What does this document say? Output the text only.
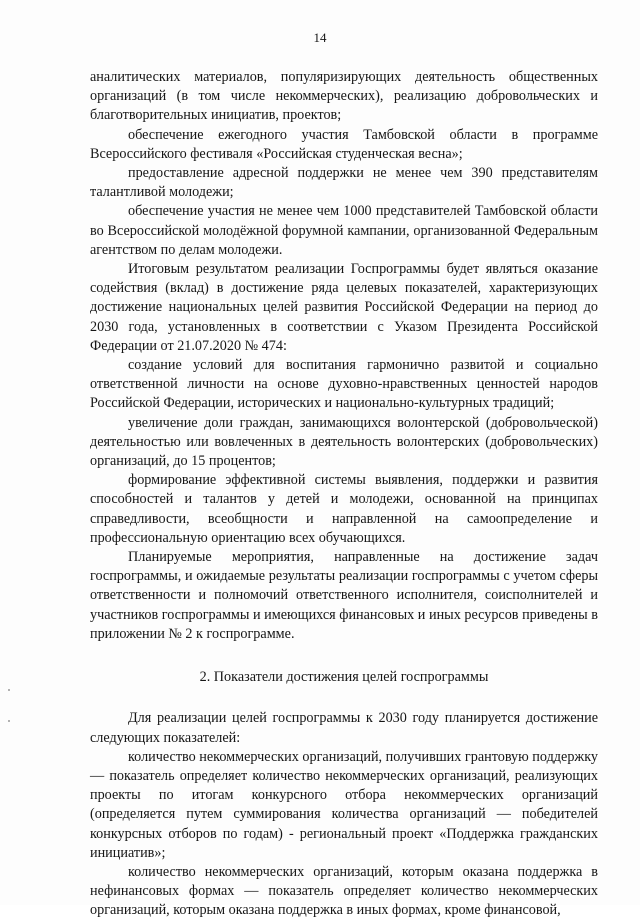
14

аналитических материалов, популяризирующих деятельность общественных организаций (в том числе некоммерческих), реализацию добровольческих и благотворительных инициатив, проектов;

обеспечение ежегодного участия Тамбовской области в программе Всероссийского фестиваля «Российская студенческая весна»;

предоставление адресной поддержки не менее чем 390 представителям талантливой молодежи;

обеспечение участия не менее чем 1000 представителей Тамбовской области во Всероссийской молодёжной форумной кампании, организованной Федеральным агентством по делам молодежи.

Итоговым результатом реализации Госпрограммы будет являться оказание содействия (вклад) в достижение ряда целевых показателей, характеризующих достижение национальных целей развития Российской Федерации на период до 2030 года, установленных в соответствии с Указом Президента Российской Федерации от 21.07.2020 № 474:

создание условий для воспитания гармонично развитой и социально ответственной личности на основе духовно-нравственных ценностей народов Российской Федерации, исторических и национально-культурных традиций;

увеличение доли граждан, занимающихся волонтерской (добровольческой) деятельностью или вовлеченных в деятельность волонтерских (добровольческих) организаций, до 15 процентов;

формирование эффективной системы выявления, поддержки и развития способностей и талантов у детей и молодежи, основанной на принципах справедливости, всеобщности и направленной на самоопределение и профессиональную ориентацию всех обучающихся.

Планируемые мероприятия, направленные на достижение задач госпрограммы, и ожидаемые результаты реализации госпрограммы с учетом сферы ответственности и полномочий ответственного исполнителя, соисполнителей и участников госпрограммы и имеющихся финансовых и иных ресурсов приведены в приложении № 2 к госпрограмме.

2. Показатели достижения целей госпрограммы

Для реализации целей госпрограммы к 2030 году планируется достижение следующих показателей:

количество некоммерческих организаций, получивших грантовую поддержку — показатель определяет количество некоммерческих организаций, реализующих проекты по итогам конкурсного отбора некоммерческих организаций (определяется путем суммирования количества организаций — победителей конкурсных отборов по годам) - региональный проект «Поддержка гражданских инициатив»;

количество некоммерческих организаций, которым оказана поддержка в нефинансовых формах — показатель определяет количество некоммерческих организаций, которым оказана поддержка в иных формах, кроме финансовой,
